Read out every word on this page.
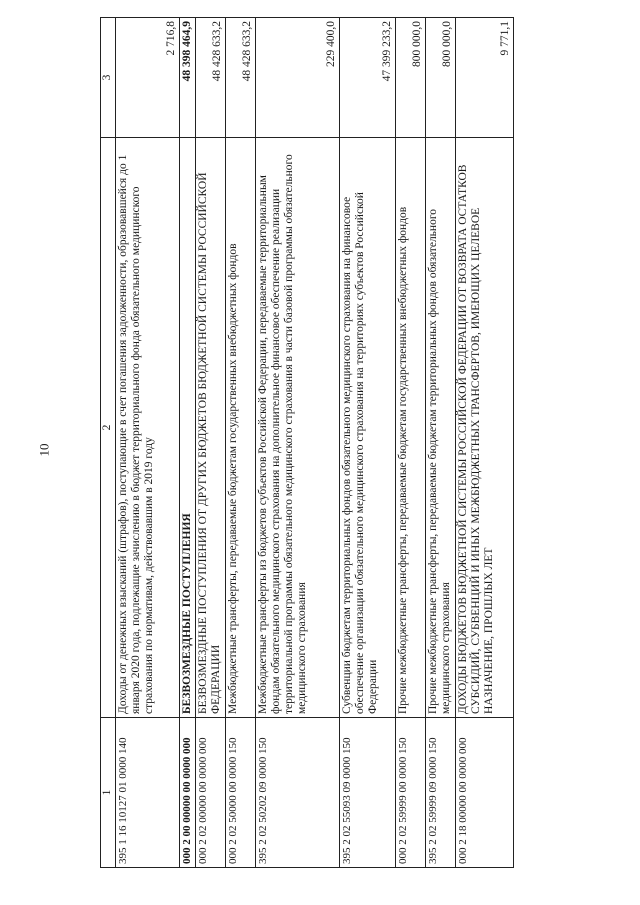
10
1	2	3
395 1 16 10127 01 0000 140	Доходы от денежных взысканий (штрафов), поступающие в счет погашения задолженности, образовавшейся до 1 января 2020 года, подлежащие зачислению в бюджет территориального фонда обязательного медицинского страхования по нормативам, действовавшим в 2019 году	2 716,8
000 2 00 00000 00 0000 000	БЕЗВОЗМЕЗДНЫЕ ПОСТУПЛЕНИЯ	48 398 464,9
000 2 02 00000 00 0000 000	БЕЗВОЗМЕЗДНЫЕ ПОСТУПЛЕНИЯ ОТ ДРУГИХ БЮДЖЕТОВ БЮДЖЕТНОЙ СИСТЕМЫ РОССИЙСКОЙ ФЕДЕРАЦИИ	48 428 633,2
000 2 02 50000 00 0000 150	Межбюджетные трансферты, передаваемые бюджетам государственных внебюджетных фондов	48 428 633,2
395 2 02 50202 09 0000 150	Межбюджетные трансферты из бюджетов субъектов Российской Федерации, передаваемые территориальным фондам обязательного медицинского страхования на дополнительное финансовое обеспечение реализации территориальной программы обязательного медицинского страхования в части базовой программы обязательного медицинского страхования	229 400,0
395 2 02 55093 09 0000 150	Субвенции бюджетам территориальных фондов обязательного медицинского страхования на финансовое обеспечение организации обязательного медицинского страхования на территориях субъектов Российской Федерации	47 399 233,2
000 2 02 59999 00 0000 150	Прочие межбюджетные трансферты, передаваемые бюджетам государственных внебюджетных фондов	800 000,0
395 2 02 59999 09 0000 150	Прочие межбюджетные трансферты, передаваемые бюджетам территориальных фондов обязательного медицинского страхования	800 000,0
000 2 18 00000 00 0000 000	ДОХОДЫ БЮДЖЕТОВ БЮДЖЕТНОЙ СИСТЕМЫ РОССИЙСКОЙ ФЕДЕРАЦИИ ОТ ВОЗВРАТА ОСТАТКОВ СУБСИДИЙ, СУБВЕНЦИЙ И ИНЫХ МЕЖБЮДЖЕТНЫХ ТРАНСФЕРТОВ, ИМЕЮЩИХ ЦЕЛЕВОЕ НАЗНАЧЕНИЕ, ПРОШЛЫХ ЛЕТ	9 771,1
